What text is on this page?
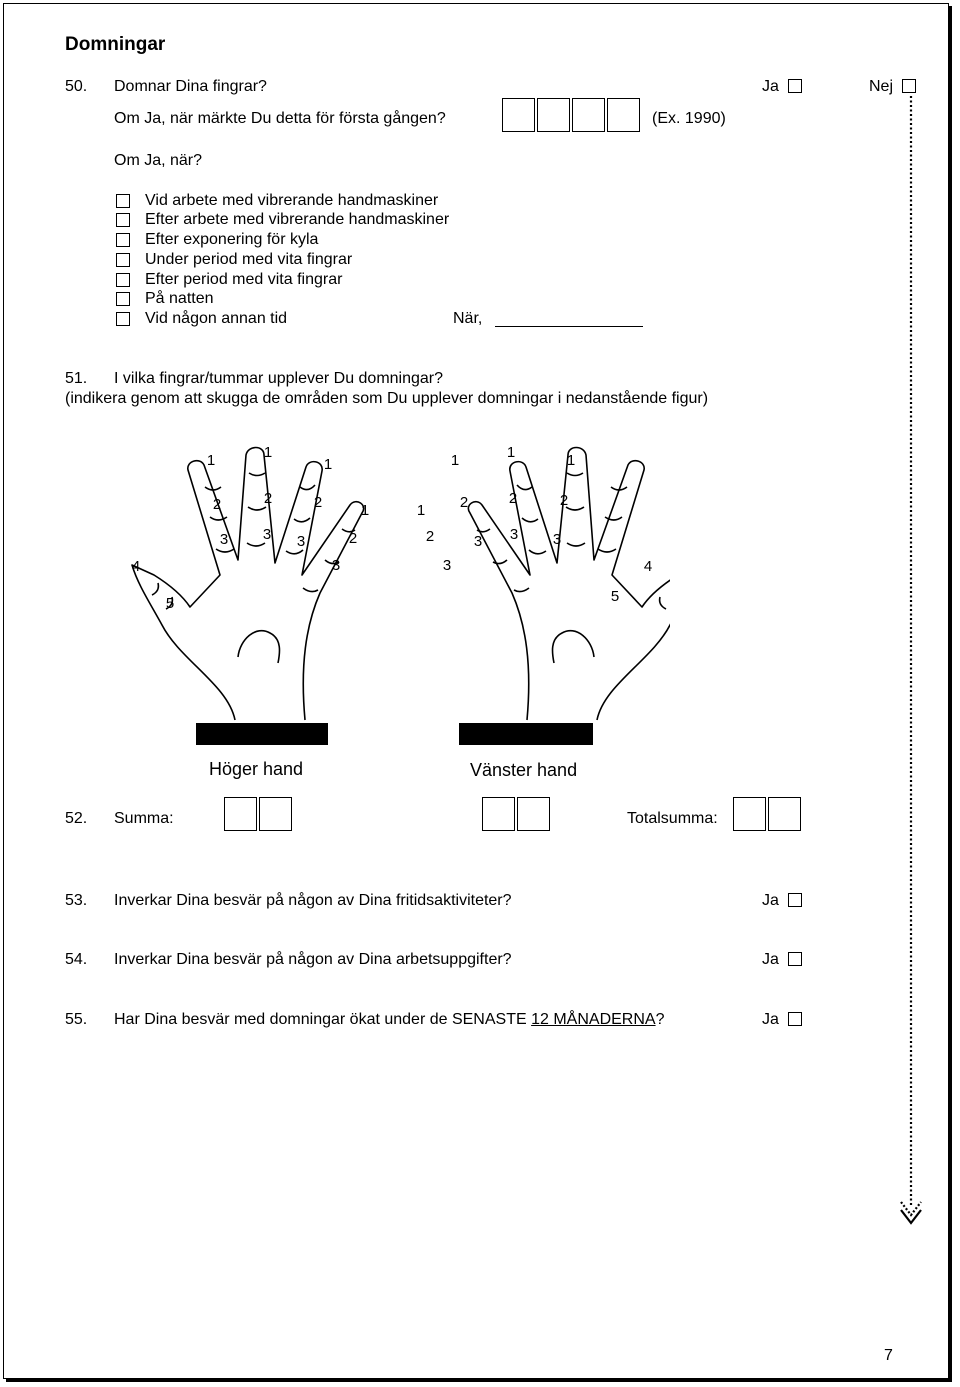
Domningar
50. Domnar Dina fingrar?	Ja	Nej
Om Ja, när märkte Du detta för första gången?	(Ex. 1990)
Om Ja, när?
Vid arbete med vibrerande handmaskiner
Efter arbete med vibrerande handmaskiner
Efter exponering för kyla
Under period med vita fingrar
Efter period med vita fingrar
På natten
Vid någon annan tid	När,
51. I vilka fingrar/tummar upplever Du domningar?
(indikera genom att skugga de områden som Du upplever domningar i nedanstående figur)
1
2
3
1
2
3
1
2
3
1
2
3
4
5
1
2
3
1
2
3
1
2
3
1
2
3	4
5
Höger hand	Vänster hand
52. Summa:	Totalsumma:
53. Inverkar Dina besvär på någon av Dina fritidsaktiviteter?	Ja
54. Inverkar Dina besvär på någon av Dina arbetsuppgifter?	Ja
55. Har Dina besvär med domningar ökat under de SENASTE 12 MÅNADERNA?	Ja
7
